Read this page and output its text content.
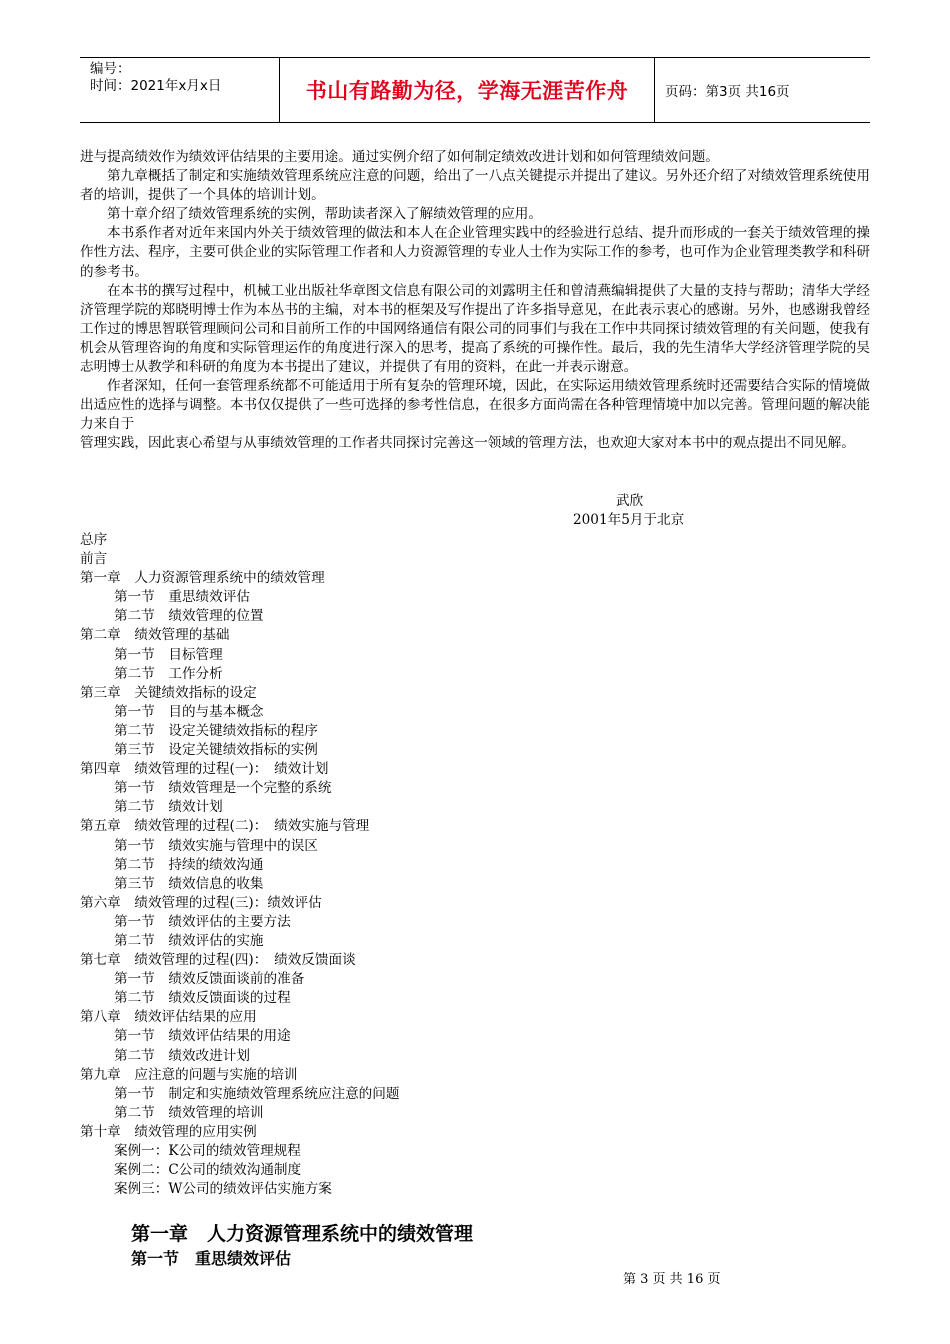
编号：
时间：2021年x月x日	书山有路勤为径，学海无涯苦作舟	页码：第3页 共16页

进与提高绩效作为绩效评估结果的主要用途。通过实例介绍了如何制定绩效改进计划和如何管理绩效问题。

第九章概括了制定和实施绩效管理系统应注意的问题，给出了一八点关键提示并提出了建议。另外还介绍了对绩效管理系统使用者的培训，提供了一个具体的培训计划。

第十章介绍了绩效管理系统的实例，帮助读者深入了解绩效管理的应用。

本书系作者对近年来国内外关于绩效管理的做法和本人在企业管理实践中的经验进行总结、提升而形成的一套关于绩效管理的操作性方法、程序，主要可供企业的实际管理工作者和人力资源管理的专业人士作为实际工作的参考，也可作为企业管理类教学和科研的参考书。

在本书的撰写过程中，机械工业出版社华章图文信息有限公司的刘露明主任和曾清燕编辑提供了大量的支持与帮助；清华大学经济管理学院的郑晓明博士作为本丛书的主编，对本书的框架及写作提出了许多指导意见，在此表示衷心的感谢。另外，也感谢我曾经工作过的博思智联管理顾问公司和目前所工作的中国网络通信有限公司的同事们与我在工作中共同探讨绩效管理的有关问题，使我有机会从管理咨询的角度和实际管理运作的角度进行深入的思考，提高了系统的可操作性。最后，我的先生清华大学经济管理学院的吴志明博士从教学和科研的角度为本书提出了建议，并提供了有用的资料，在此一并表示谢意。

作者深知，任何一套管理系统都不可能适用于所有复杂的管理环境，因此，在实际运用绩效管理系统时还需要结合实际的情境做出适应性的选择与调整。本书仅仅提供了一些可选择的参考性信息，在很多方面尚需在各种管理情境中加以完善。管理问题的解决能力来自于

管理实践，因此衷心希望与从事绩效管理的工作者共同探讨完善这一领域的管理方法，也欢迎大家对本书中的观点提出不同见解。

武欣
2001年5月于北京
总序
前言
第一章　人力资源管理系统中的绩效管理
第一节　重思绩效评估
第二节　绩效管理的位置
第二章　绩效管理的基础
第一节　目标管理
第二节　工作分析
第三章　关键绩效指标的设定
第一节　目的与基本概念
第二节　设定关键绩效指标的程序
第三节　设定关键绩效指标的实例
第四章　绩效管理的过程(一)：　绩效计划
第一节　绩效管理是一个完整的系统
第二节　绩效计划
第五章　绩效管理的过程(二)：　绩效实施与管理
第一节　绩效实施与管理中的误区
第二节　持续的绩效沟通
第三节　绩效信息的收集
第六章　绩效管理的过程(三)：绩效评估
第一节　绩效评估的主要方法
第二节　绩效评估的实施
第七章　绩效管理的过程(四)：　绩效反馈面谈
第一节　绩效反馈面谈前的准备
第二节　绩效反馈面谈的过程
第八章　绩效评估结果的应用
第一节　绩效评估结果的用途
第二节　绩效改进计划
第九章　应注意的问题与实施的培训
第一节　制定和实施绩效管理系统应注意的问题
第二节　绩效管理的培训
第十章　绩效管理的应用实例
案例一：K公司的绩效管理规程
案例二：C公司的绩效沟通制度
案例三：W公司的绩效评估实施方案
第一章　人力资源管理系统中的绩效管理
第一节　重思绩效评估
第 3 页 共 16 页
